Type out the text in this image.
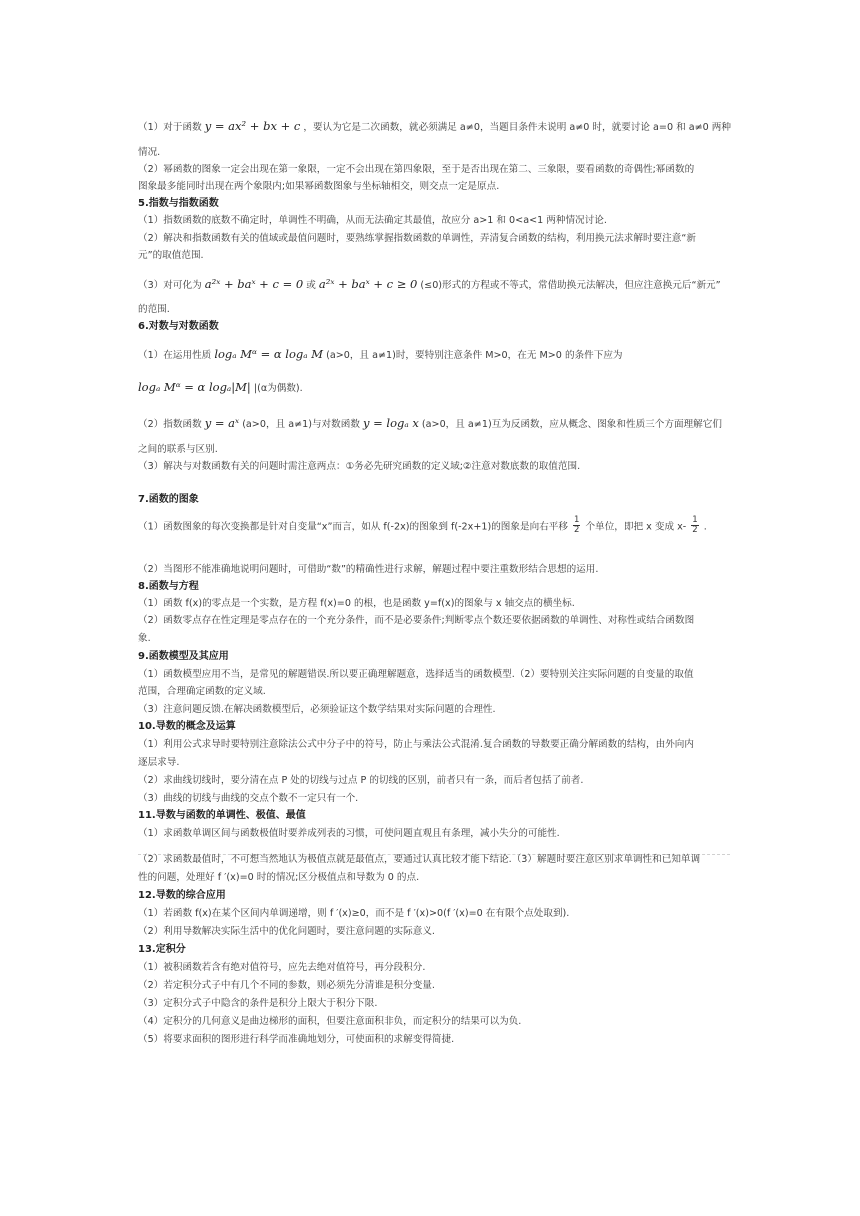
（1）对于函数 y = ax² + bx + c ，要认为它是二次函数，就必须满足 a≠0，当题目条件未说明 a≠0 时，就要讨论 a=0 和 a≠0 两种
情况.
（2）幂函数的图象一定会出现在第一象限，一定不会出现在第四象限，至于是否出现在第二、三象限，要看函数的奇偶性;幂函数的
图象最多能同时出现在两个象限内;如果幂函数图象与坐标轴相交，则交点一定是原点.
5.指数与指数函数
（1）指数函数的底数不确定时，单调性不明确，从而无法确定其最值，故应分 a>1 和 0<a<1 两种情况讨论.
（2）解决和指数函数有关的值域或最值问题时，要熟练掌握指数函数的单调性，弄清复合函数的结构，利用换元法求解时要注意“新
元”的取值范围.
（3）对可化为 a²ˣ + baˣ + c = 0 或 a²ˣ + baˣ + c ≥ 0 (≤0)形式的方程或不等式，常借助换元法解决，但应注意换元后“新元”
的范围.
6.对数与对数函数
（1）在运用性质 logₐ Mᵅ = α logₐ M (a>0，且 a≠1)时，要特别注意条件 M>0，在无 M>0 的条件下应为
logₐ Mᵅ = α logₐ|M| |(α为偶数).
（2）指数函数 y = aˣ (a>0，且 a≠1)与对数函数 y = logₐ x (a>0，且 a≠1)互为反函数，应从概念、图象和性质三个方面理解它们
之间的联系与区别.
（3）解决与对数函数有关的问题时需注意两点：①务必先研究函数的定义域;②注意对数底数的取值范围.
7.函数的图象
（1）函数图象的每次变换都是针对自变量“x”而言，如从 f(-2x)的图象到 f(-2x+1)的图象是向右平移 $\frac{1}{2}$ 个单位，即把 x 变成 $x- \frac{1}{2}$ .
（2）当图形不能准确地说明问题时，可借助“数”的精确性进行求解，解题过程中要注重数形结合思想的运用.
8.函数与方程
（1）函数 f(x)的零点是一个实数，是方程 f(x)=0 的根，也是函数 y=f(x)的图象与 x 轴交点的横坐标.
（2）函数零点存在性定理是零点存在的一个充分条件，而不是必要条件;判断零点个数还要依据函数的单调性、对称性或结合函数图
象.
9.函数模型及其应用
（1）函数模型应用不当，是常见的解题错误.所以要正确理解题意，选择适当的函数模型.（2）要特别关注实际问题的自变量的取值
范围，合理确定函数的定义域.
（3）注意问题反馈.在解决函数模型后，必须验证这个数学结果对实际问题的合理性.
10.导数的概念及运算
（1）利用公式求导时要特别注意除法公式中分子中的符号，防止与乘法公式混淆.复合函数的导数要正确分解函数的结构，由外向内
逐层求导.
（2）求曲线切线时，要分清在点 P 处的切线与过点 P 的切线的区别，前者只有一条，而后者包括了前者.
（3）曲线的切线与曲线的交点个数不一定只有一个.
11.导数与函数的单调性、极值、最值
（1）求函数单调区间与函数极值时要养成列表的习惯，可使问题直观且有条理，减小失分的可能性.
（2）求函数最值时，不可想当然地认为极值点就是最值点，要通过认真比较才能下结论.（3）解题时要注意区别求单调性和已知单调
性的问题，处理好 f ′(x)=0 时的情况;区分极值点和导数为 0 的点.
12.导数的综合应用
（1）若函数 f(x)在某个区间内单调递增，则 f ′(x)≥0，而不是 f ′(x)>0(f ′(x)=0 在有限个点处取到).
（2）利用导数解决实际生活中的优化问题时，要注意问题的实际意义.
13.定积分
（1）被积函数若含有绝对值符号，应先去绝对值符号，再分段积分.
（2）若定积分式子中有几个不同的参数，则必须先分清谁是积分变量.
（3）定积分式子中隐含的条件是积分上限大于积分下限.
（4）定积分的几何意义是曲边梯形的面积，但要注意面积非负，而定积分的结果可以为负.
（5）将要求面积的图形进行科学而准确地划分，可使面积的求解变得简捷.
